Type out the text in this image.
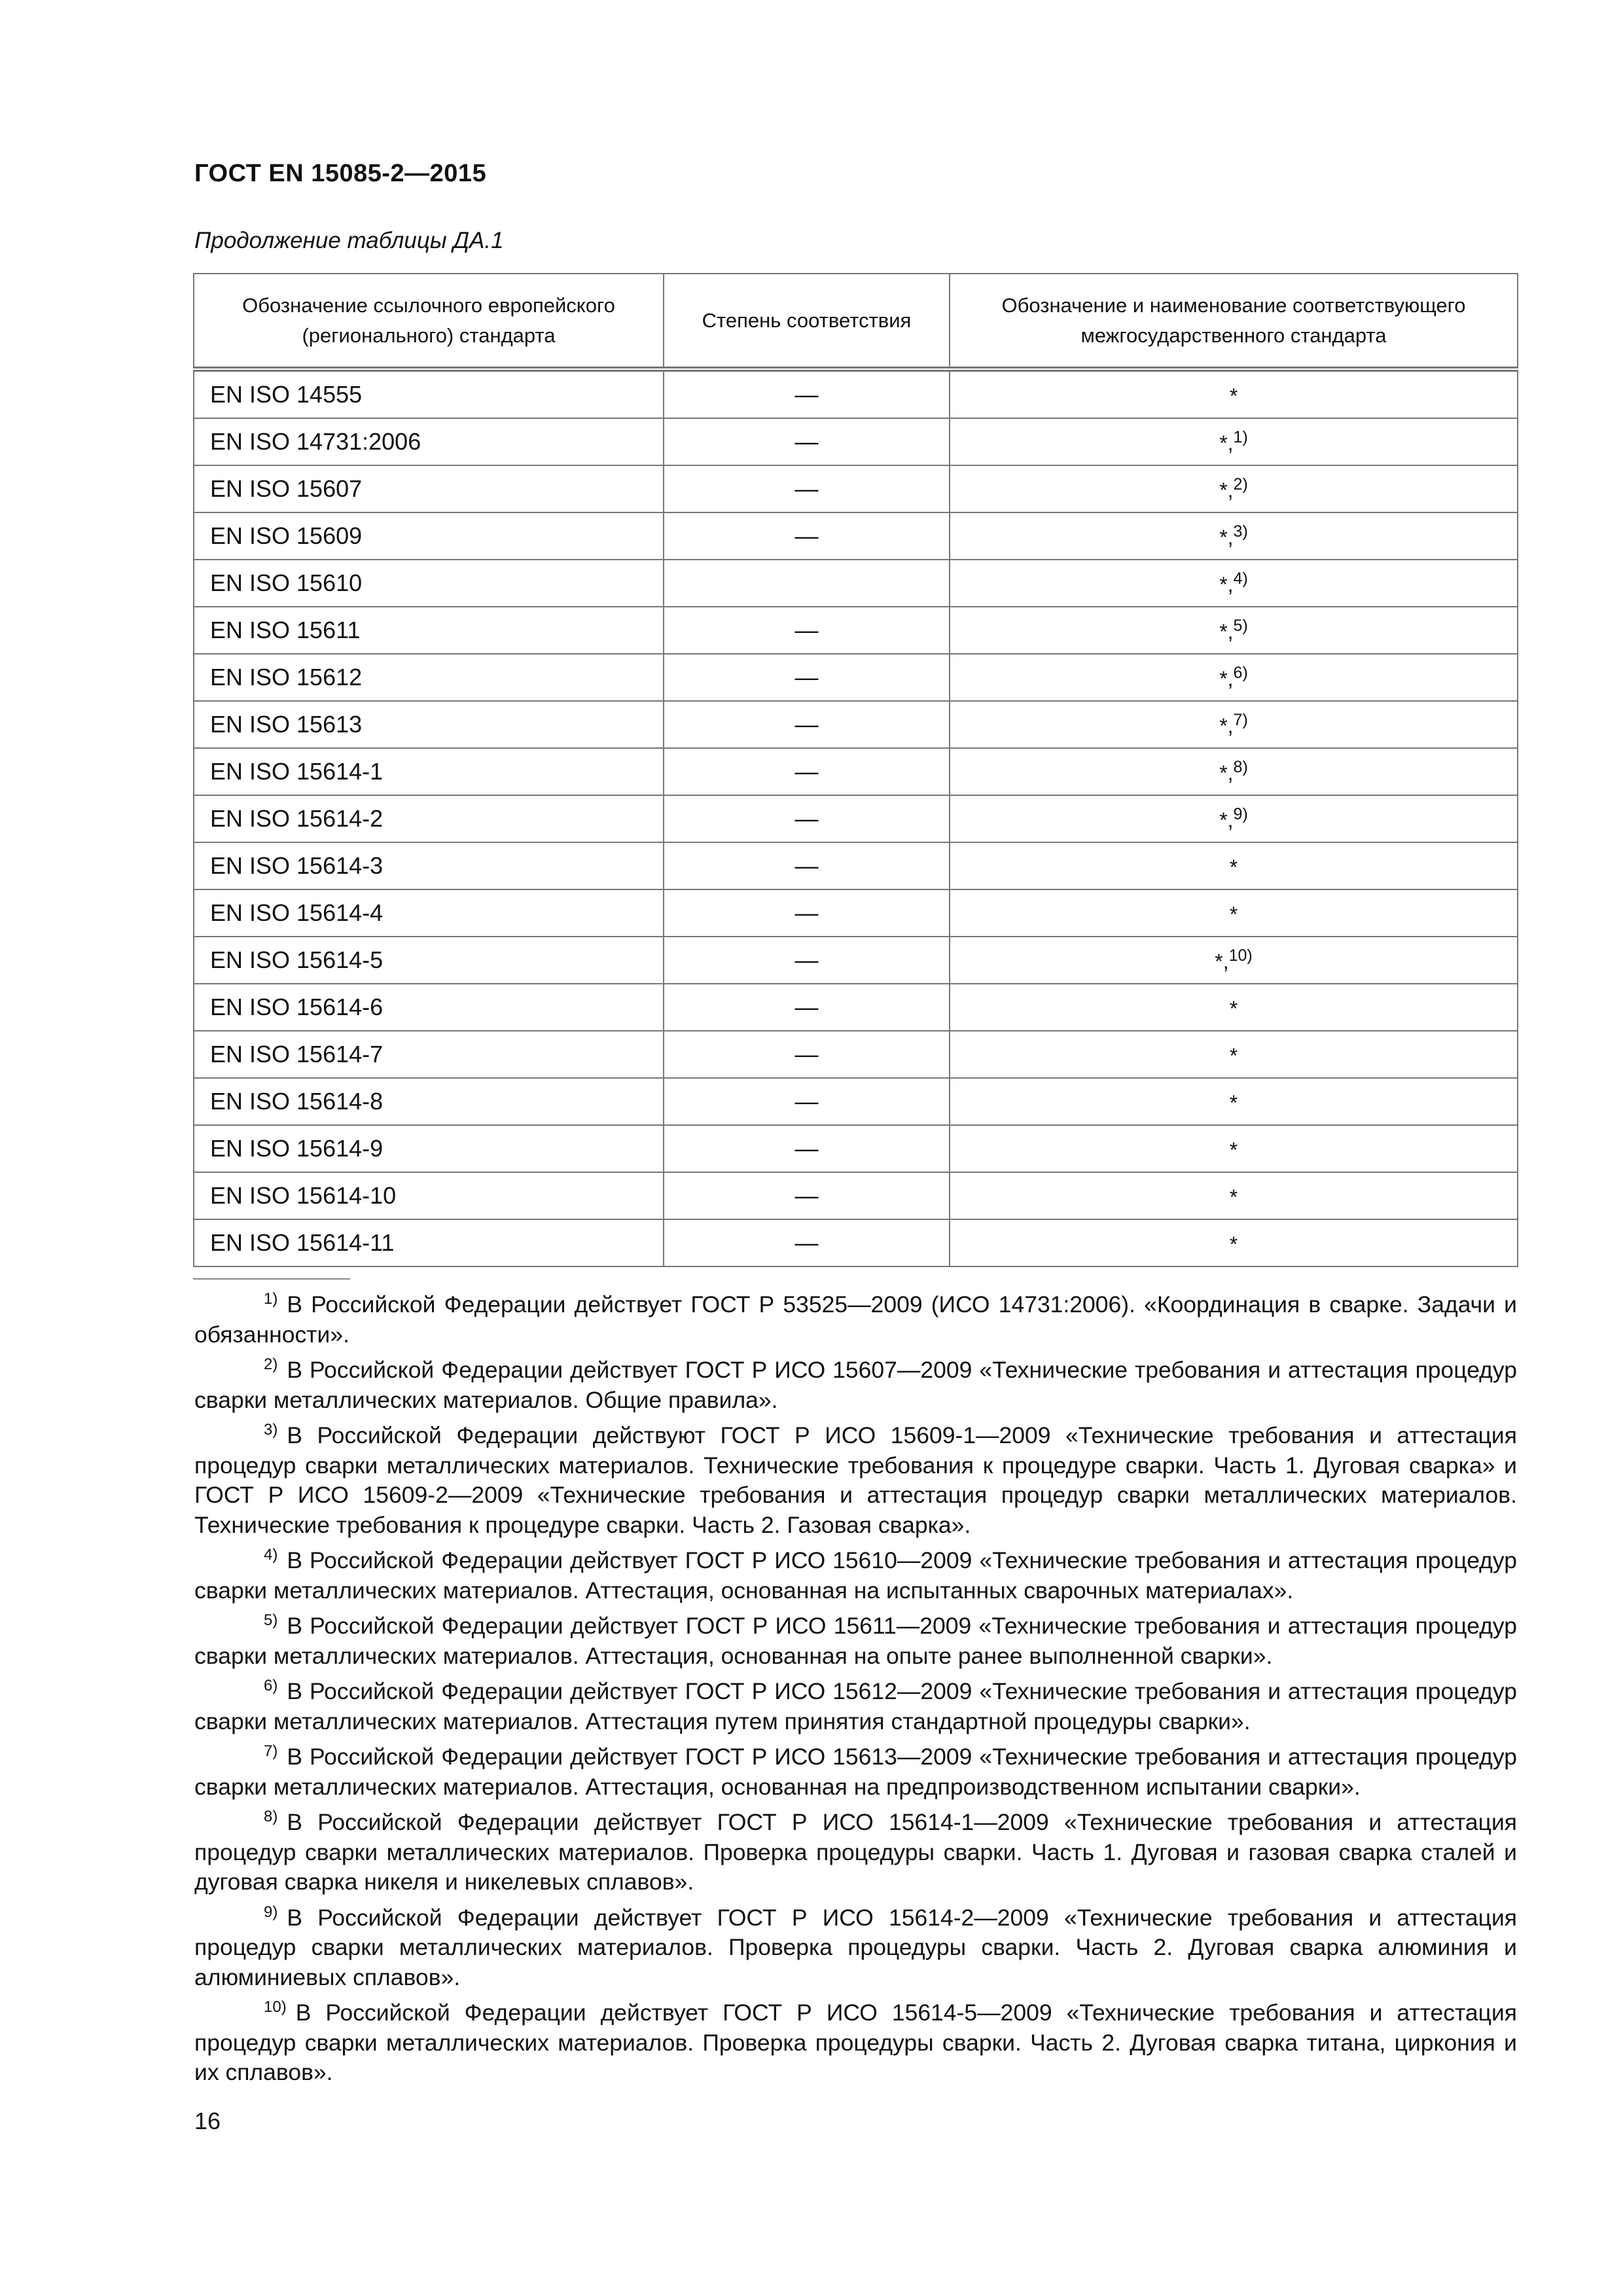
ГОСТ EN 15085-2—2015
Продолжение таблицы ДА.1
Обозначение ссылочного европейского (регионального) стандарта	Степень соответствия	Обозначение и наименование соответствующего межгосударственного стандарта
EN ISO 14555	—	*
EN ISO 14731:2006	—	*,$^{1)}$
EN ISO 15607	—	*,$^{2)}$
EN ISO 15609	—	*,$^{3)}$
EN ISO 15610		*,$^{4)}$
EN ISO 15611	—	*,$^{5)}$
EN ISO 15612	—	*,$^{6)}$
EN ISO 15613	—	*,$^{7)}$
EN ISO 15614-1	—	*,$^{8)}$
EN ISO 15614-2	—	*,$^{9)}$
EN ISO 15614-3	—	*
EN ISO 15614-4	—	*
EN ISO 15614-5	—	*,$^{10)}$
EN ISO 15614-6	—	*
EN ISO 15614-7	—	*
EN ISO 15614-8	—	*
EN ISO 15614-9	—	*
EN ISO 15614-10	—	*
EN ISO 15614-11	—	*

$^{1)}$ В Российской Федерации действует ГОСТ Р 53525—2009 (ИСО 14731:2006). «Координация в сварке. Задачи и обязанности».

$^{2)}$ В Российской Федерации действует ГОСТ Р ИСО 15607—2009 «Технические требования и аттестация процедур сварки металлических материалов. Общие правила».

$^{3)}$ В Российской Федерации действуют ГОСТ Р ИСО 15609-1—2009 «Технические требования и аттестация процедур сварки металлических материалов. Технические требования к процедуре сварки. Часть 1. Дуговая сварка» и ГОСТ Р ИСО 15609-2—2009 «Технические требования и аттестация процедур сварки металлических материалов. Технические требования к процедуре сварки. Часть 2. Газовая сварка».

$^{4)}$ В Российской Федерации действует ГОСТ Р ИСО 15610—2009 «Технические требования и аттестация процедур сварки металлических материалов. Аттестация, основанная на испытанных сварочных материалах».

$^{5)}$ В Российской Федерации действует ГОСТ Р ИСО 15611—2009 «Технические требования и аттестация процедур сварки металлических материалов. Аттестация, основанная на опыте ранее выполненной сварки».

$^{6)}$ В Российской Федерации действует ГОСТ Р ИСО 15612—2009 «Технические требования и аттестация процедур сварки металлических материалов. Аттестация путем принятия стандартной процедуры сварки».

$^{7)}$ В Российской Федерации действует ГОСТ Р ИСО 15613—2009 «Технические требования и аттестация процедур сварки металлических материалов. Аттестация, основанная на предпроизводственном испытании сварки».

$^{8)}$ В Российской Федерации действует ГОСТ Р ИСО 15614-1—2009 «Технические требования и аттестация процедур сварки металлических материалов. Проверка процедуры сварки. Часть 1. Дуговая и газовая сварка сталей и дуговая сварка никеля и никелевых сплавов».

$^{9)}$ В Российской Федерации действует ГОСТ Р ИСО 15614-2—2009 «Технические требования и аттестация процедур сварки металлических материалов. Проверка процедуры сварки. Часть 2. Дуговая сварка алюминия и алюминиевых сплавов».

$^{10)}$ В Российской Федерации действует ГОСТ Р ИСО 15614-5—2009 «Технические требования и аттестация процедур сварки металлических материалов. Проверка процедуры сварки. Часть 2. Дуговая сварка титана, циркония и их сплавов».

16
